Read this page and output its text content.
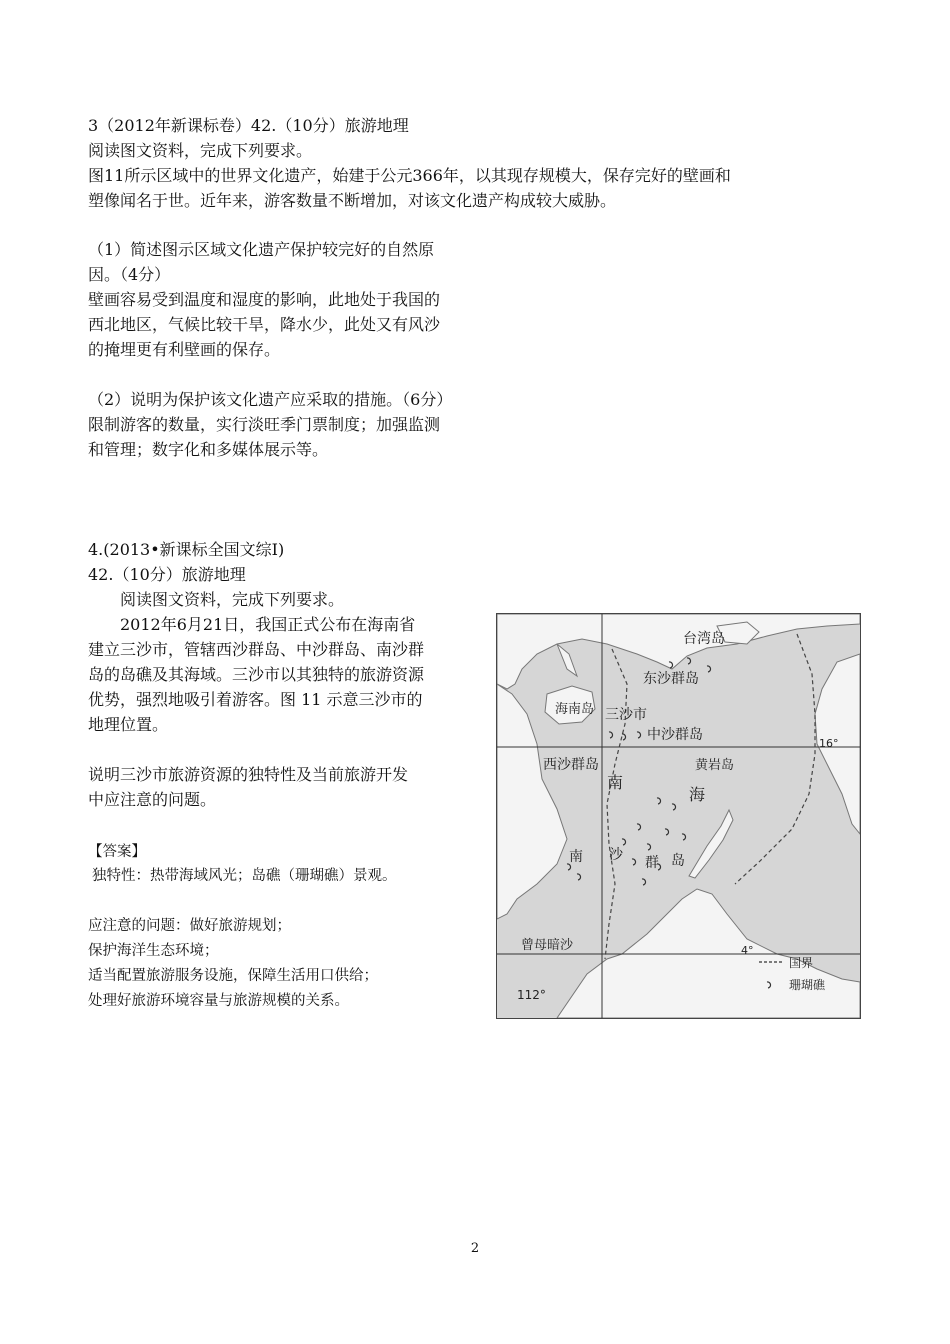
3（2012年新课标卷）42.（10分）旅游地理
阅读图文资料，完成下列要求。
图11所示区域中的世界文化遗产，始建于公元366年，以其现存规模大，保存完好的壁画和
塑像闻名于世。近年来，游客数量不断增加，对该文化遗产构成较大威胁。
（1）简述图示区域文化遗产保护较完好的自然原
因。（4分）
壁画容易受到温度和湿度的影响，此地处于我国的
西北地区，气候比较干旱，降水少，此处又有风沙
的掩埋更有利壁画的保存。
（2）说明为保护该文化遗产应采取的措施。（6分）
限制游客的数量，实行淡旺季门票制度；加强监测
和管理；数字化和多媒体展示等。
4.(2013•新课标全国文综Ⅰ)
42.（10分）旅游地理
阅读图文资料，完成下列要求。
2012年6月21日，我国正式公布在海南省
建立三沙市，管辖西沙群岛、中沙群岛、南沙群
岛的岛礁及其海域。三沙市以其独特的旅游资源
优势，强烈地吸引着游客。图 11 示意三沙市的
地理位置。
说明三沙市旅游资源的独特性及当前旅游开发
中应注意的问题。
【答案】
独特性：热带海域风光；岛礁（珊瑚礁）景观。
应注意的问题：做好旅游规划；
保护海洋生态环境；
适当配置旅游服务设施，保障生活用口供给；
处理好旅游环境容量与旅游规模的关系。
台湾岛
东沙群岛
海南岛 三沙市
中沙群岛
西沙群岛	黄岩岛
曾母暗沙
16°
4°
112°
南
海
南 沙 群 岛
国界
珊瑚礁
2
